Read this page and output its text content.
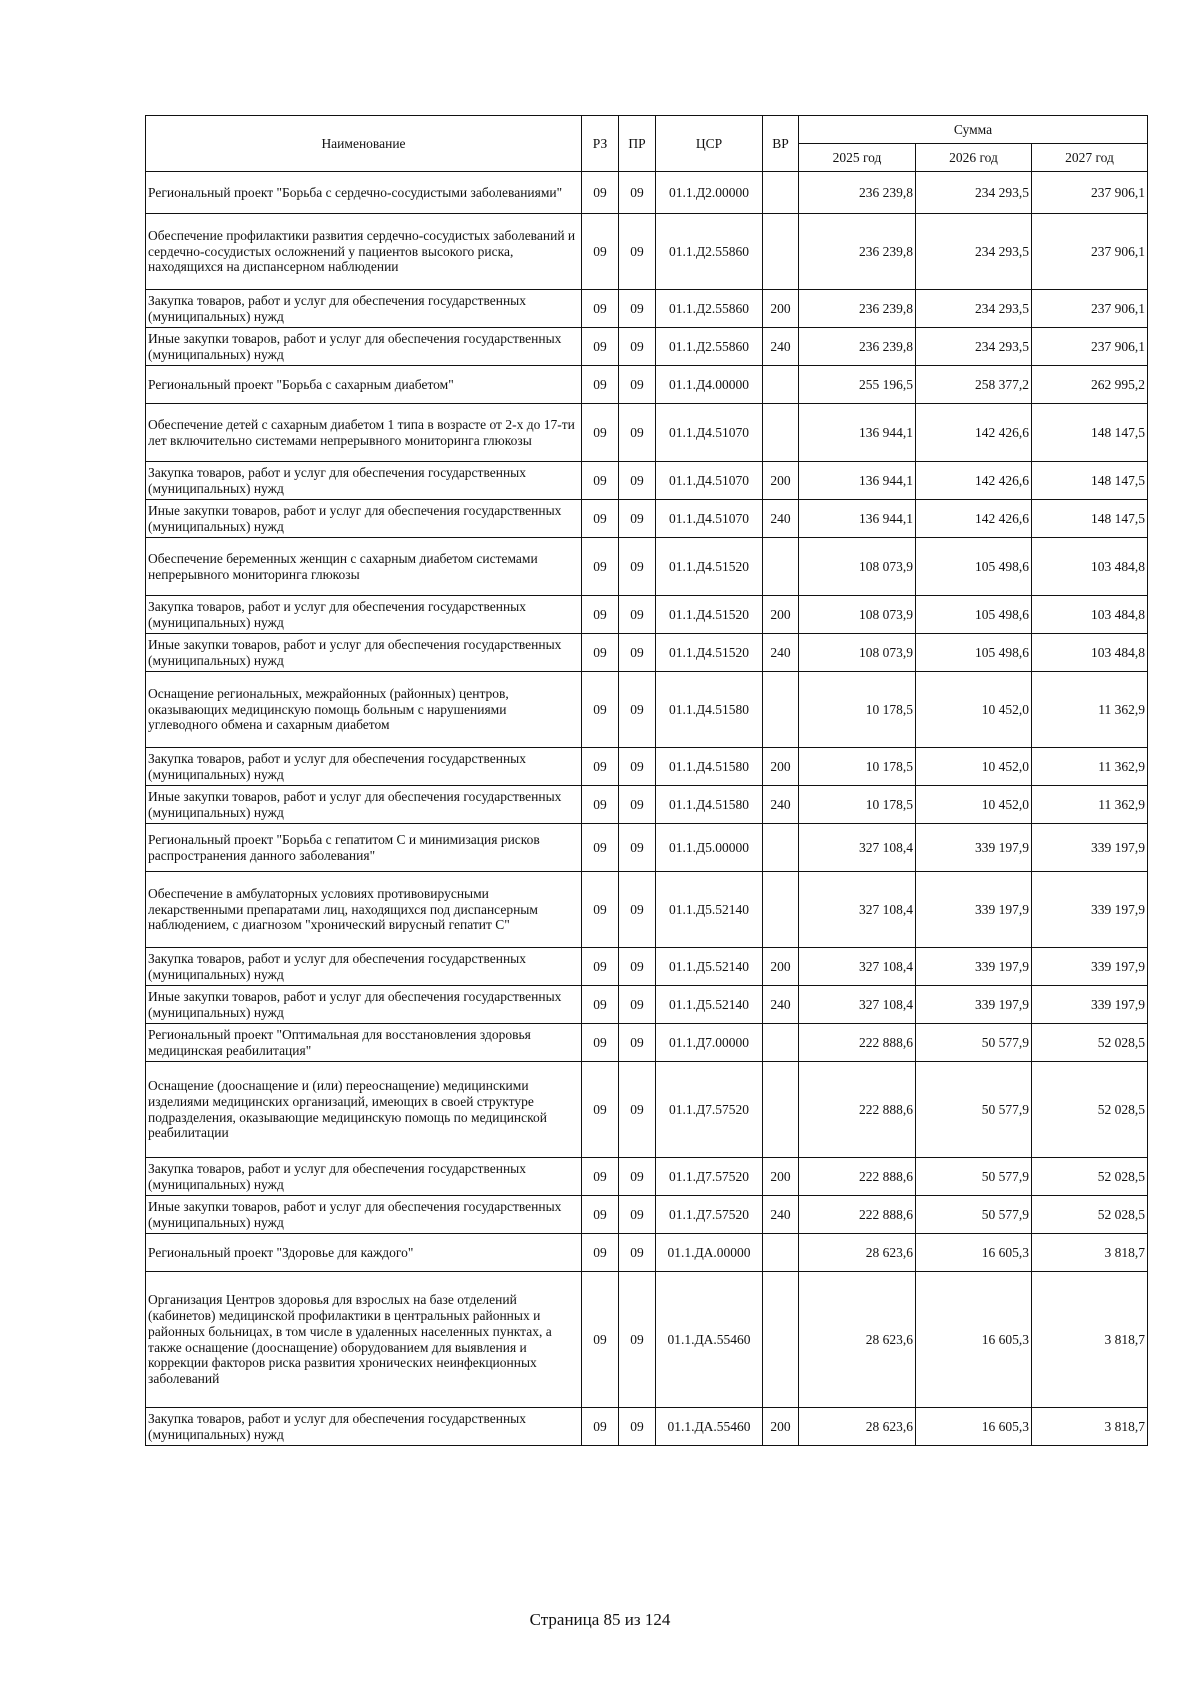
Наименование	РЗ	ПР	ЦСР	ВР	Сумма		
					2025 год	2026 год	2027 год
Региональный проект "Борьба с сердечно-сосудистыми заболеваниями"	09	09	01.1.Д2.00000		236 239,8	234 293,5	237 906,1
Обеспечение профилактики развития сердечно-сосудистых заболеваний и сердечно-сосудистых осложнений у пациентов высокого риска, находящихся на диспансерном наблюдении	09	09	01.1.Д2.55860		236 239,8	234 293,5	237 906,1
Закупка товаров, работ и услуг для обеспечения государственных (муниципальных) нужд	09	09	01.1.Д2.55860	200	236 239,8	234 293,5	237 906,1
Иные закупки товаров, работ и услуг для обеспечения государственных (муниципальных) нужд	09	09	01.1.Д2.55860	240	236 239,8	234 293,5	237 906,1
Региональный проект "Борьба с сахарным диабетом"	09	09	01.1.Д4.00000		255 196,5	258 377,2	262 995,2
Обеспечение детей с сахарным диабетом 1 типа в возрасте от 2-х до 17-ти лет включительно системами непрерывного мониторинга глюкозы	09	09	01.1.Д4.51070		136 944,1	142 426,6	148 147,5
Закупка товаров, работ и услуг для обеспечения государственных (муниципальных) нужд	09	09	01.1.Д4.51070	200	136 944,1	142 426,6	148 147,5
Иные закупки товаров, работ и услуг для обеспечения государственных (муниципальных) нужд	09	09	01.1.Д4.51070	240	136 944,1	142 426,6	148 147,5
Обеспечение беременных женщин с сахарным диабетом системами непрерывного мониторинга глюкозы	09	09	01.1.Д4.51520		108 073,9	105 498,6	103 484,8
Закупка товаров, работ и услуг для обеспечения государственных (муниципальных) нужд	09	09	01.1.Д4.51520	200	108 073,9	105 498,6	103 484,8
Иные закупки товаров, работ и услуг для обеспечения государственных (муниципальных) нужд	09	09	01.1.Д4.51520	240	108 073,9	105 498,6	103 484,8
Оснащение региональных, межрайонных (районных) центров, оказывающих медицинскую помощь больным с нарушениями углеводного обмена и сахарным диабетом	09	09	01.1.Д4.51580		10 178,5	10 452,0	11 362,9
Закупка товаров, работ и услуг для обеспечения государственных (муниципальных) нужд	09	09	01.1.Д4.51580	200	10 178,5	10 452,0	11 362,9
Иные закупки товаров, работ и услуг для обеспечения государственных (муниципальных) нужд	09	09	01.1.Д4.51580	240	10 178,5	10 452,0	11 362,9
Региональный проект "Борьба с гепатитом С и минимизация рисков распространения данного заболевания"	09	09	01.1.Д5.00000		327 108,4	339 197,9	339 197,9
Обеспечение в амбулаторных условиях противовирусными лекарственными препаратами лиц, находящихся под диспансерным наблюдением, с диагнозом "хронический вирусный гепатит С"	09	09	01.1.Д5.52140		327 108,4	339 197,9	339 197,9
Закупка товаров, работ и услуг для обеспечения государственных (муниципальных) нужд	09	09	01.1.Д5.52140	200	327 108,4	339 197,9	339 197,9
Иные закупки товаров, работ и услуг для обеспечения государственных (муниципальных) нужд	09	09	01.1.Д5.52140	240	327 108,4	339 197,9	339 197,9
Региональный проект "Оптимальная для восстановления здоровья медицинская реабилитация"	09	09	01.1.Д7.00000		222 888,6	50 577,9	52 028,5
Оснащение (дооснащение и (или) переоснащение) медицинскими изделиями медицинских организаций, имеющих в своей структуре подразделения, оказывающие медицинскую помощь по медицинской реабилитации	09	09	01.1.Д7.57520		222 888,6	50 577,9	52 028,5
Закупка товаров, работ и услуг для обеспечения государственных (муниципальных) нужд	09	09	01.1.Д7.57520	200	222 888,6	50 577,9	52 028,5
Иные закупки товаров, работ и услуг для обеспечения государственных (муниципальных) нужд	09	09	01.1.Д7.57520	240	222 888,6	50 577,9	52 028,5
Региональный проект "Здоровье для каждого"	09	09	01.1.ДА.00000		28 623,6	16 605,3	3 818,7
Организация Центров здоровья для взрослых на базе отделений (кабинетов) медицинской профилактики в центральных районных и районных больницах, в том числе в удаленных населенных пунктах, а также оснащение (дооснащение) оборудованием для выявления и коррекции факторов риска развития хронических неинфекционных заболеваний	09	09	01.1.ДА.55460		28 623,6	16 605,3	3 818,7
Закупка товаров, работ и услуг для обеспечения государственных (муниципальных) нужд	09	09	01.1.ДА.55460	200	28 623,6	16 605,3	3 818,7
Страница 85 из 124
